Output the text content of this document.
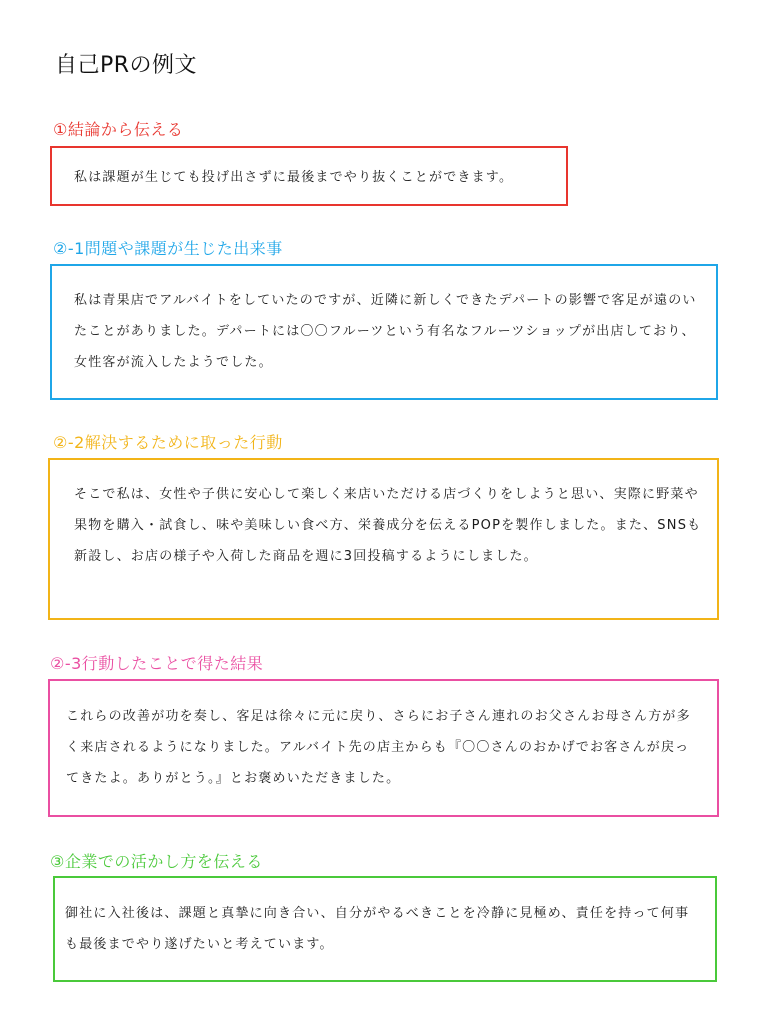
自己PRの例文
①結論から伝える

私は課題が生じても投げ出さずに最後までやり抜くことができます。

②-1問題や課題が生じた出来事

私は青果店でアルバイトをしていたのですが、近隣に新しくできたデパートの影響で客足が遠のいたことがありました。デパートには〇〇フルーツという有名なフルーツショップが出店しており、女性客が流入したようでした。

②-2解決するために取った行動

そこで私は、女性や子供に安心して楽しく来店いただける店づくりをしようと思い、実際に野菜や果物を購入・試食し、味や美味しい食べ方、栄養成分を伝えるPOPを製作しました。また、SNSも新設し、お店の様子や入荷した商品を週に3回投稿するようにしました。

②-3行動したことで得た結果

これらの改善が功を奏し、客足は徐々に元に戻り、さらにお子さん連れのお父さんお母さん方が多く来店されるようになりました。アルバイト先の店主からも『〇〇さんのおかげでお客さんが戻ってきたよ。ありがとう。』とお褒めいただきました。

③企業での活かし方を伝える

御社に入社後は、課題と真摯に向き合い、自分がやるべきことを冷静に見極め、責任を持って何事も最後までやり遂げたいと考えています。
